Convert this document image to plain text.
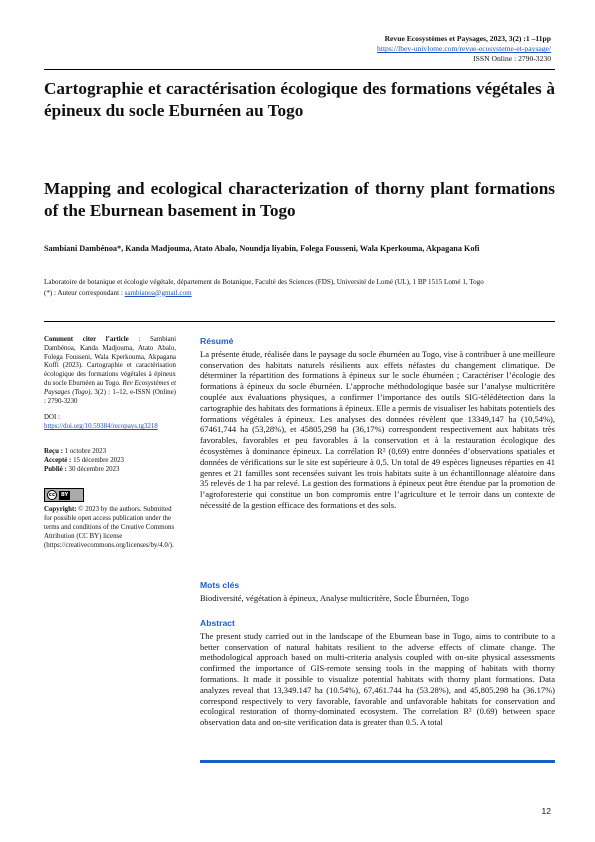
Revue Ecosystèmes et Paysages, 2023, 3(2) :1 –11pp
https://lbev-univlome.com/revue-ecosysteme-et-paysage/
ISSN Online : 2790-3230
Cartographie et caractérisation écologique des formations végétales à épineux du socle Eburnéen au Togo
Mapping and ecological characterization of thorny plant formations of the Eburnean basement in Togo
Sambiani Dambénoa*, Kanda Madjouma, Atato Abalo, Noundja liyabin, Folega Fousseni, Wala Kperkouma, Akpagana Kofi
Laboratoire de botanique et écologie végétale, département de Botanique, Faculté des Sciences (FDS), Université de Lomé (UL), 1 BP 1515 Lomé 1, Togo
(*) : Auteur correspondant : sambianoa@gmail.com

Comment citer l’article : Sambiani Dambénoa, Kanda Madjouma, Atato Abalo, Folega Fousseni, Wala Kperkouma, Akpagana Koffi (2023). Cartographie et caractérisation écologique des formations végétales à épineux du socle Eburnéen au Togo. Rev Ecosystèmes et Paysages (Togo), 3(2) : 1–12, e-ISSN (Online) : 2790-3230

DOI :

https://doi.org/10.59384/recopays.tg3218

Reçu : 1 octobre 2023

Accepté : 15 décembre 2023

Publié : 30 décembre 2023

cc	BY

Copyright: © 2023 by the authors. Submitted for possible open access publication under the terms and conditions of the Creative Commons Attribution (CC BY) license (https://creativecommons.org/licenses/by/4.0/).

Résumé
La présente étude, réalisée dans le paysage du socle éburnéen au Togo, vise à contribuer à une meilleure conservation des habitats naturels résilients aux effets néfastes du changement climatique. De déterminer la répartition des formations à épineux sur le socle éburnéen ; Caractériser l’écologie des formations à épineux du socle éburnéen. L’approche méthodologique basée sur l’analyse multicritère couplée aux évaluations physiques, a confirmer l’importance des outils SIG-télédétection dans la cartographie des habitats des formations à épineux. Elle a permis de visualiser les habitats potentiels des formations végétales à épineux. Les analyses des données révèlent que 13349,147 ha (10,54%), 67461,744 ha (53,28%), et 45805,298 ha (36,17%) correspondent respectivement aux habitats très favorables, favorables et peu favorables à la conservation et à la restauration écologique des écosystèmes à dominance épineux. La corrélation R² (0,69) entre données d’observations spatiales et données de vérifications sur le site est supérieure à 0,5. Un total de 49 espèces ligneuses réparties en 41 genres et 21 familles sont recensées suivant les trois habitats suite à un échantillonnage aléatoire dans 35 relevés de 1 ha par relevé. La gestion des formations à épineux peut être étendue par la promotion de l’agroforesterie qui constitue un bon compromis entre l’agriculture et le terroir dans un contexte de nécessité de la gestion efficace des formations et des sols.
Mots clés
Biodiversité, végétation à épineux, Analyse multicritère, Socle Éburnéen, Togo
Abstract
The present study carried out in the landscape of the Eburnean base in Togo, aims to contribute to a better conservation of natural habitats resilient to the adverse effects of climate change. The methodological approach based on multi-criteria analysis coupled with on-site physical assessments confirmed the importance of GIS-remote sensing tools in the mapping of habitats with thorny formations. It made it possible to visualize potential habitats with thorny plant formations. Data analyzes reveal that 13,349.147 ha (10.54%), 67,461.744 ha (53.28%), and 45,805.298 ha (36.17%) correspond respectively to very favorable, favorable and unfavorable habitats for conservation and ecological restoration of thorny-dominated ecosystem. The correlation R² (0.69) between space observation data and on-site verification data is greater than 0.5. A total
12
